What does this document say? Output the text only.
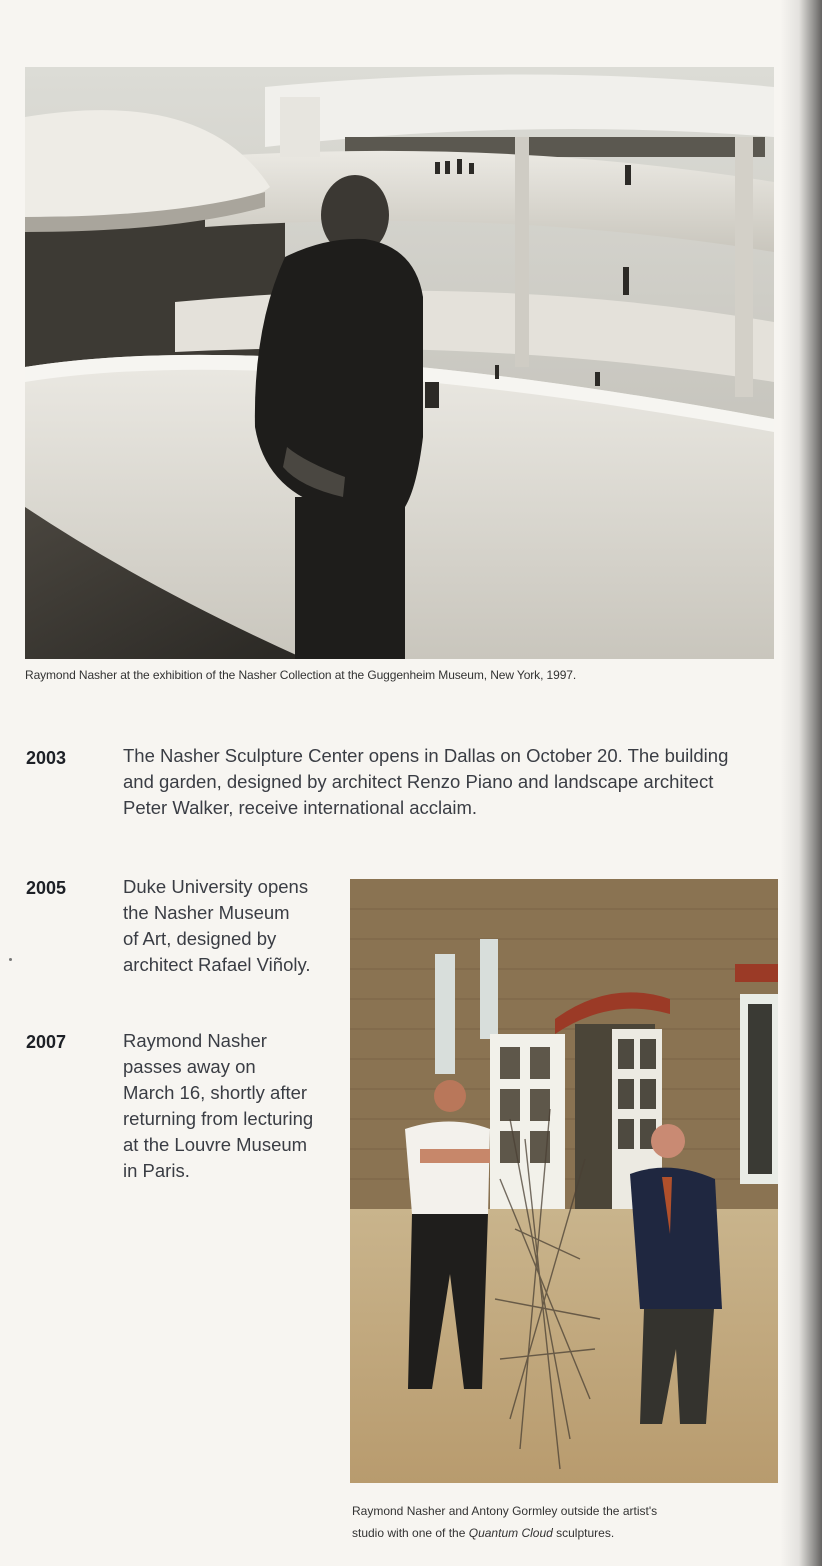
Raymond Nasher at the exhibition of the Nasher Collection at the Guggenheim Museum, New York, 1997.
2003	The Nasher Sculpture Center opens in Dallas on October 20. The building
and garden, designed by architect Renzo Piano and landscape architect
Peter Walker, receive international acclaim.
2005	Duke University opens
the Nasher Museum
of Art, designed by
architect Rafael Viñoly.
2007	Raymond Nasher
passes away on
March 16, shortly after
returning from lecturing
at the Louvre Museum
in Paris.
Raymond Nasher and Antony Gormley outside the artist's
studio with one of the Quantum Cloud sculptures.
